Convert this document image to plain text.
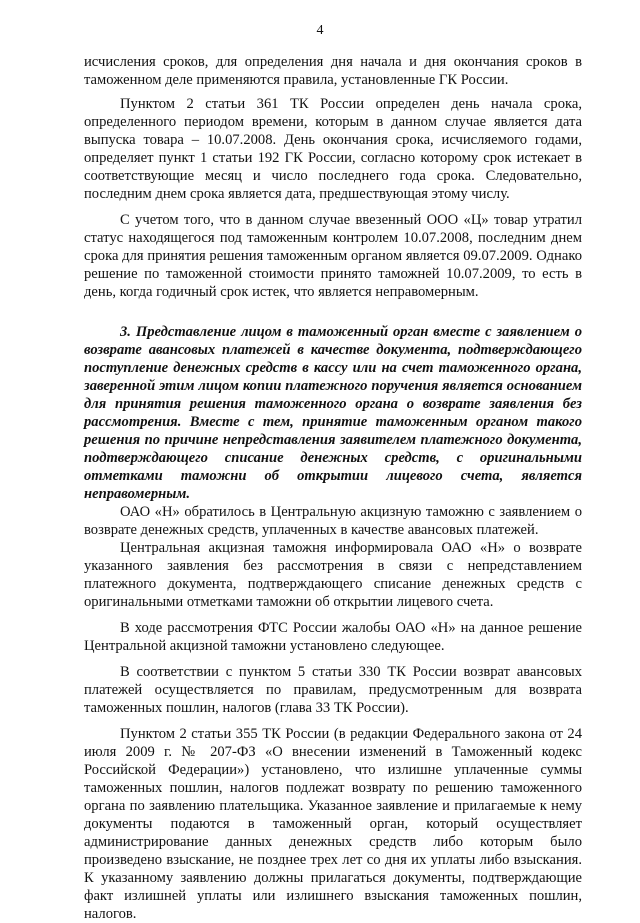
4

исчисления сроков, для определения дня начала и дня окончания сроков в таможенном деле применяются правила, установленные ГК России.

Пунктом 2 статьи 361 ТК России определен день начала срока, определенного периодом времени, которым в данном случае является дата выпуска товара – 10.07.2008. День окончания срока, исчисляемого годами, определяет пункт 1 статьи 192 ГК России, согласно которому срок истекает в соответствующие месяц и число последнего года срока. Следовательно, последним днем срока является дата, предшествующая этому числу.

С учетом того, что в данном случае ввезенный ООО «Ц» товар утратил статус находящегося под таможенным контролем 10.07.2008, последним днем срока для принятия решения таможенным органом является 09.07.2009. Однако решение по таможенной стоимости принято таможней 10.07.2009, то есть в день, когда годичный срок истек, что является неправомерным.

3. Представление лицом в таможенный орган вместе с заявлением о возврате авансовых платежей в качестве документа, подтверждающего поступление денежных средств в кассу или на счет таможенного органа, заверенной этим лицом копии платежного поручения является основанием для принятия решения таможенного органа о возврате заявления без рассмотрения. Вместе с тем, принятие таможенным органом такого решения по причине непредставления заявителем платежного документа, подтверждающего списание денежных средств, с оригинальными отметками таможни об открытии лицевого счета, является неправомерным.

ОАО «Н» обратилось в Центральную акцизную таможню с заявлением о возврате денежных средств, уплаченных в качестве авансовых платежей.

Центральная акцизная таможня информировала ОАО «Н» о возврате указанного заявления без рассмотрения в связи с непредставлением платежного документа, подтверждающего списание денежных средств с оригинальными отметками таможни об открытии лицевого счета.

В ходе рассмотрения ФТС России жалобы ОАО «Н» на данное решение Центральной акцизной таможни установлено следующее.

В соответствии с пунктом 5 статьи 330 ТК России возврат авансовых платежей осуществляется по правилам, предусмотренным для возврата таможенных пошлин, налогов (глава 33 ТК России).

Пунктом 2 статьи 355 ТК России (в редакции Федерального закона от 24 июля 2009 г. № 207-ФЗ «О внесении изменений в Таможенный кодекс Российской Федерации») установлено, что излишне уплаченные суммы таможенных пошлин, налогов подлежат возврату по решению таможенного органа по заявлению плательщика. Указанное заявление и прилагаемые к нему документы подаются в таможенный орган, который осуществляет администрирование данных денежных средств либо которым было произведено взыскание, не позднее трех лет со дня их уплаты либо взыскания. К указанному заявлению должны прилагаться документы, подтверждающие факт излишней уплаты или излишнего взыскания таможенных пошлин, налогов.
